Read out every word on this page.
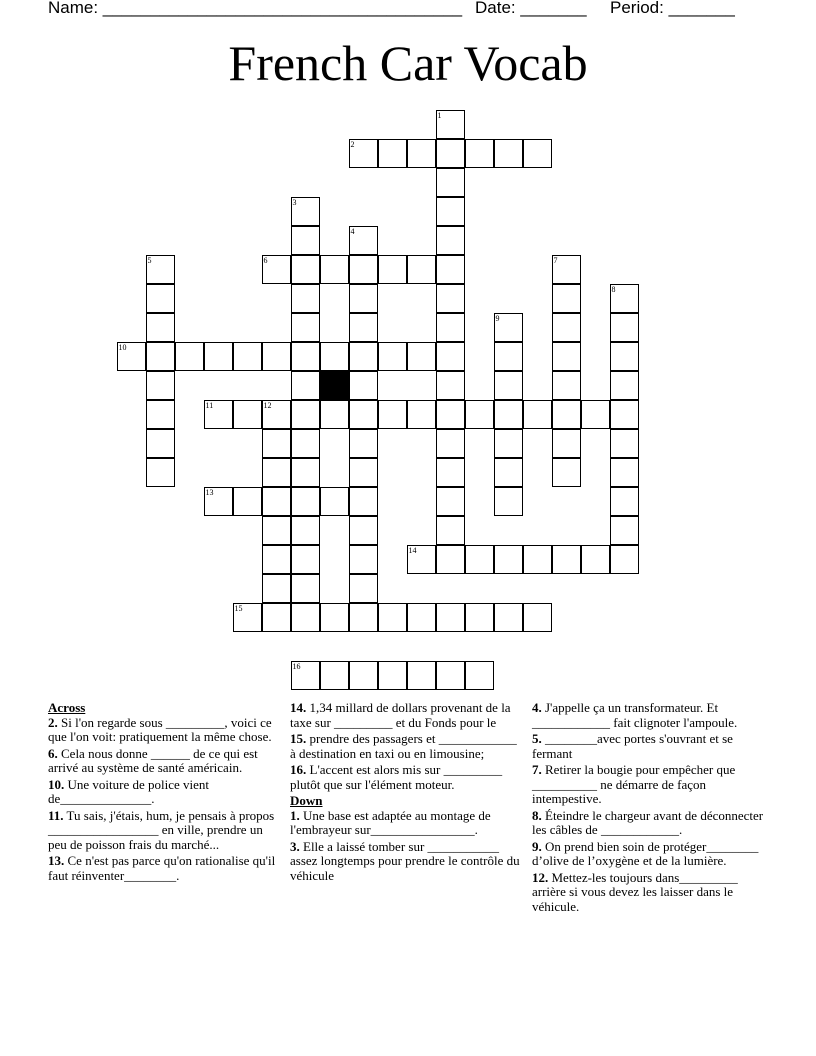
Name: ______________________________________ Date: _______ Period: _______
French Car Vocab
1
2
3
4
5	6	7
8
9
10
11	12
13
14
15
16
Across
2. Si l'on regarde sous _________, voici ce que l'on voit: pratiquement la même chose.
6. Cela nous donne ______ de ce qui est arrivé au système de santé américain.
10. Une voiture de police vient de______________.
11. Tu sais, j'étais, hum, je pensais à propos _________________ en ville, prendre un peu de poisson frais du marché...
13. Ce n'est pas parce qu'on rationalise qu'il faut réinventer________.
14. 1,34 millard de dollars provenant de la taxe sur _________ et du Fonds pour le
15. prendre des passagers et ____________ à destination en taxi ou en limousine;
16. L'accent est alors mis sur _________ plutôt que sur l'élément moteur.
Down
1. Une base est adaptée au montage de l'embrayeur sur________________.
3. Elle a laissé tomber sur ___________ assez longtemps pour prendre le contrôle du véhicule
4. J'appelle ça un transformateur. Et ____________ fait clignoter l'ampoule.
5. ________avec portes s'ouvrant et se fermant
7. Retirer la bougie pour empêcher que __________ ne démarre de façon intempestive.
8. Éteindre le chargeur avant de déconnecter les câbles de ____________.
9. On prend bien soin de protéger________ d’olive de l’oxygène et de la lumière.
12. Mettez-les toujours dans_________ arrière si vous devez les laisser dans le véhicule.
